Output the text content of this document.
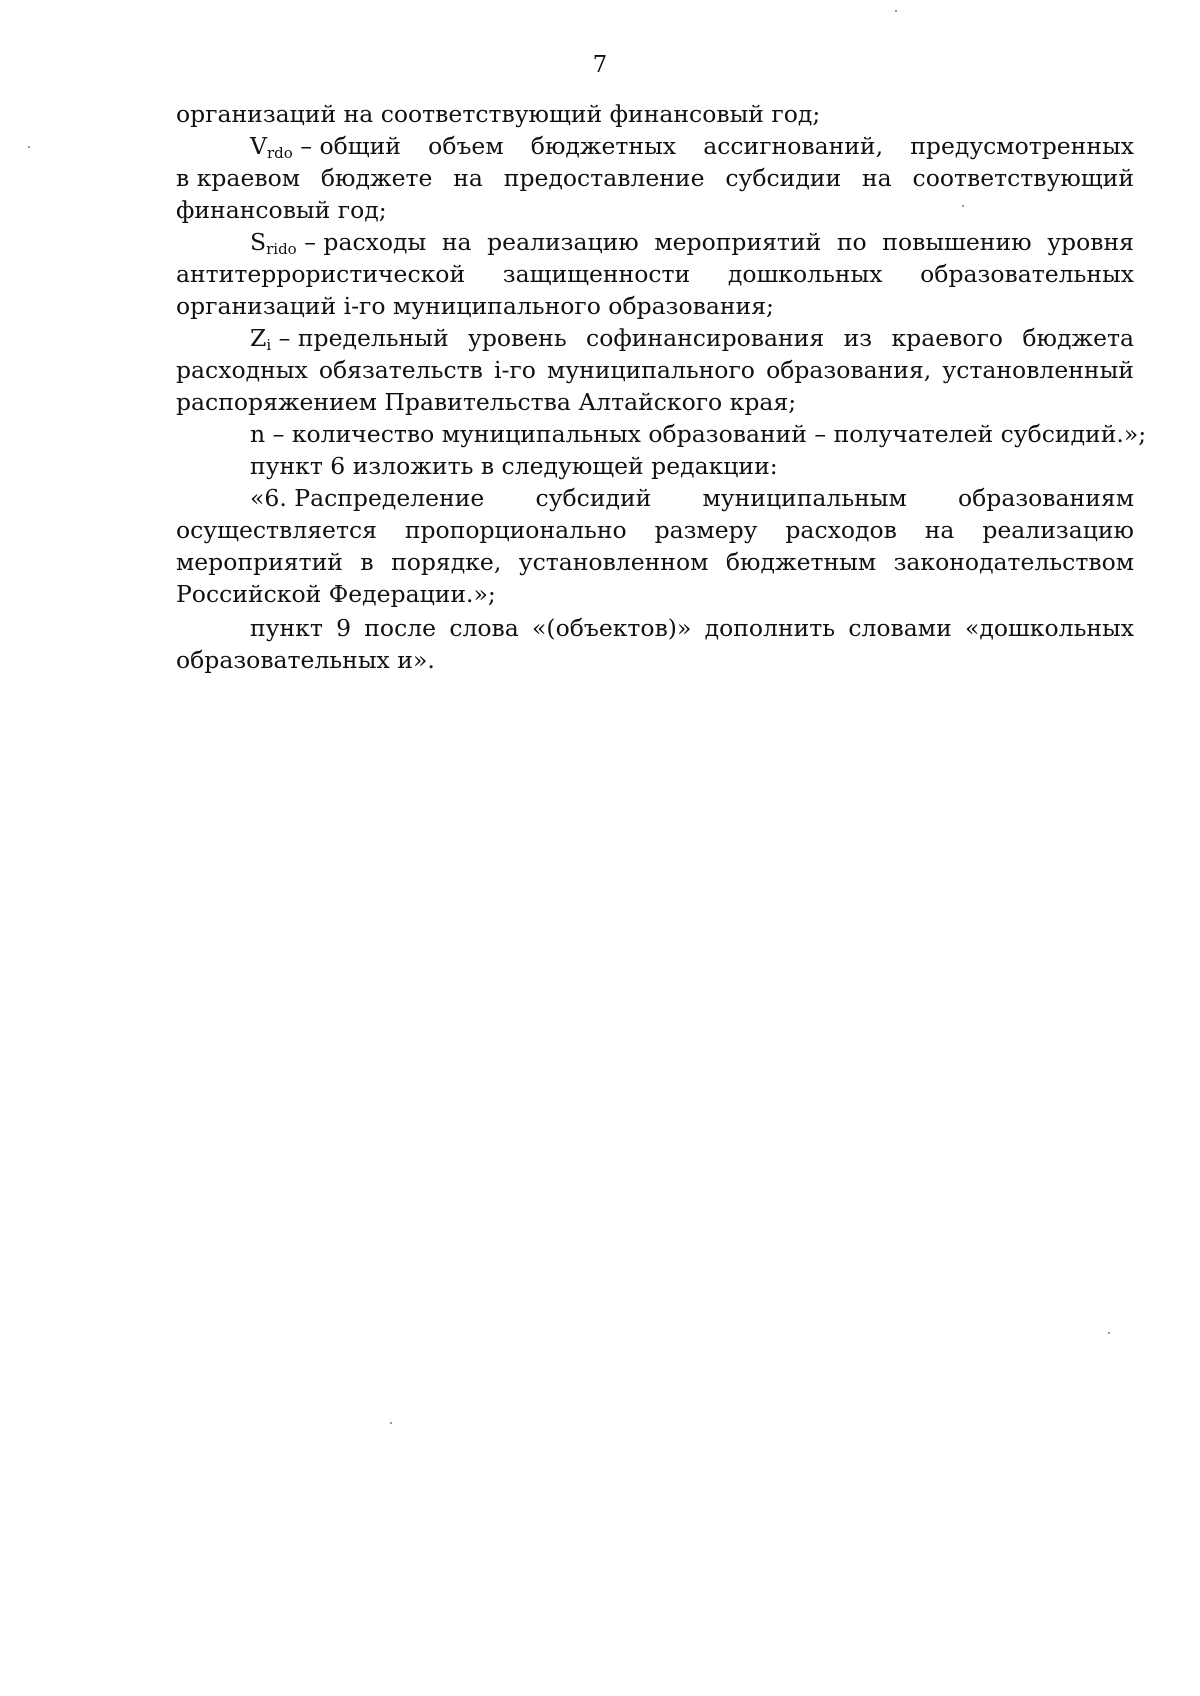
7
организаций на соответствующий финансовый год;
$V_{rdo}$ – общий объем бюджетных ассигнований, предусмотренных
в краевом бюджете на предоставление субсидии на соответствующий
финансовый год;
$S_{rido}$ – расходы на реализацию мероприятий по повышению уровня
антитеррористической защищенности дошкольных образовательных
организаций i-го муниципального образования;
$Z_i$ – предельный уровень софинансирования из краевого бюджета
расходных обязательств i-го муниципального образования, установленный
распоряжением Правительства Алтайского края;
n – количество муниципальных образований – получателей субсидий.»;
пункт 6 изложить в следующей редакции:
«6. Распределение субсидий муниципальным образованиям
осуществляется пропорционально размеру расходов на реализацию
мероприятий в порядке, установленном бюджетным законодательством
Российской Федерации.»;
пункт 9 после слова «(объектов)» дополнить словами «дошкольных
образовательных и».
